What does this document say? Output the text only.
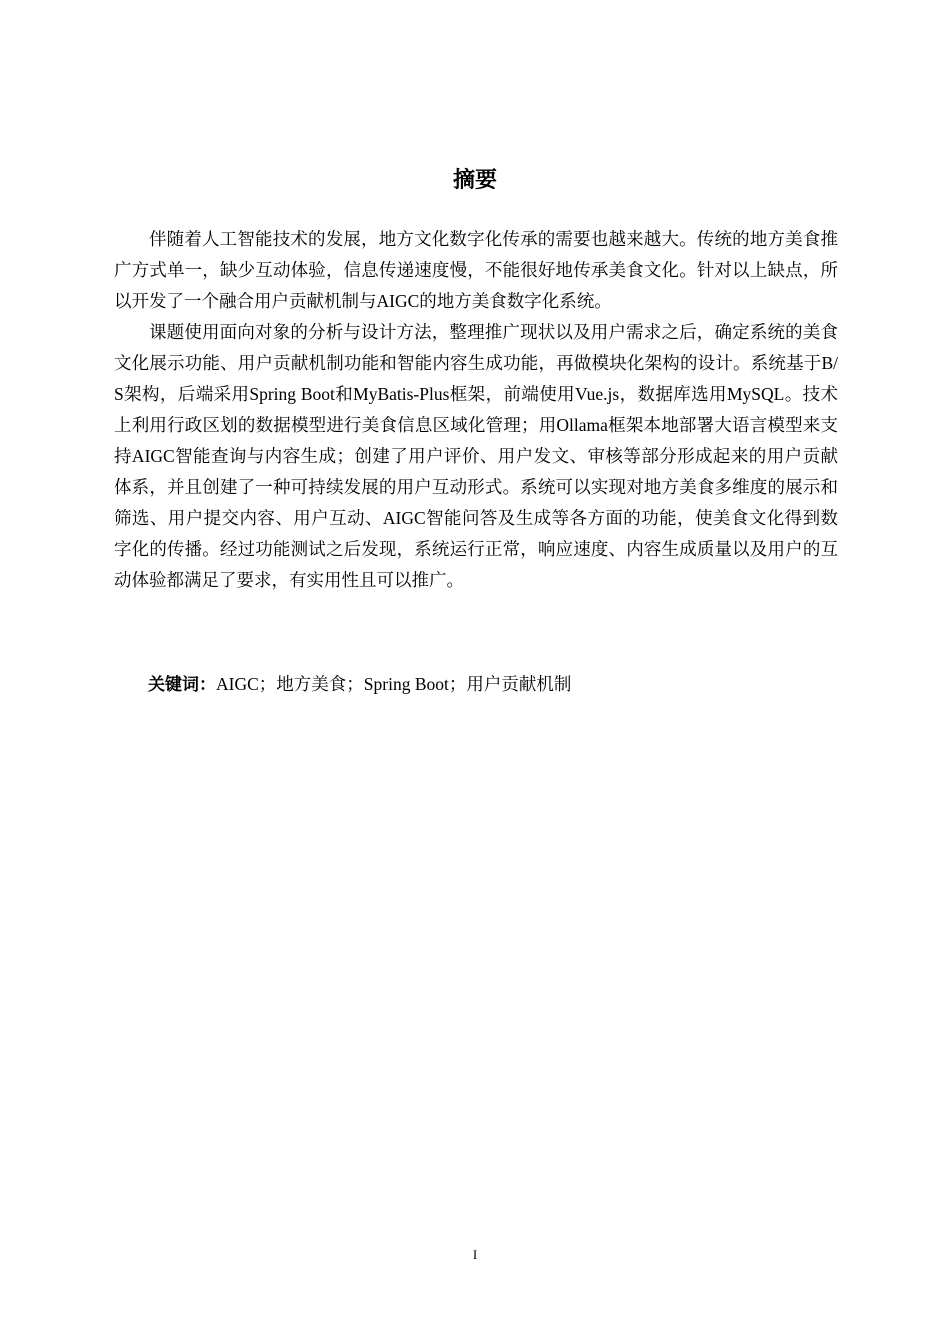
摘要

伴随着人工智能技术的发展，地方文化数字化传承的需要也越来越大。传统的地方美食推广方式单一，缺少互动体验，信息传递速度慢，不能很好地传承美食文化。针对以上缺点，所以开发了一个融合用户贡献机制与AIGC的地方美食数字化系统。

课题使用面向对象的分析与设计方法，整理推广现状以及用户需求之后，确定系统的美食文化展示功能、用户贡献机制功能和智能内容生成功能，再做模块化架构的设计。系统基于B/S架构，后端采用Spring Boot和MyBatis-Plus框架，前端使用Vue.js，数据库选用MySQL。技术上利用行政区划的数据模型进行美食信息区域化管理；用Ollama框架本地部署大语言模型来支持AIGC智能查询与内容生成；创建了用户评价、用户发文、审核等部分形成起来的用户贡献体系，并且创建了一种可持续发展的用户互动形式。系统可以实现对地方美食多维度的展示和筛选、用户提交内容、用户互动、AIGC智能问答及生成等各方面的功能，使美食文化得到数字化的传播。经过功能测试之后发现，系统运行正常，响应速度、内容生成质量以及用户的互动体验都满足了要求，有实用性且可以推广。

关键词：AIGC；地方美食；Spring Boot；用户贡献机制
I
